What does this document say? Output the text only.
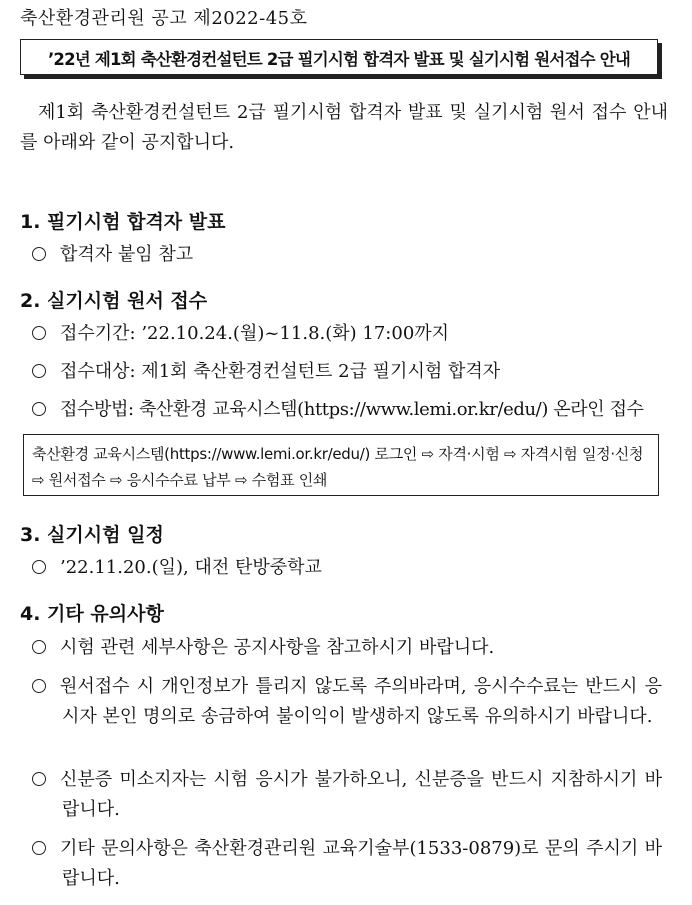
축산환경관리원 공고 제2022-45호
’22년 제1회 축산환경컨설턴트 2급 필기시험 합격자 발표 및 실기시험 원서접수 안내
제1회 축산환경컨설턴트 2급 필기시험 합격자 발표 및 실기시험 원서 접수 안내를 아래와 같이 공지합니다.
1. 필기시험 합격자 발표
합격자 붙임 참고
2. 실기시험 원서 접수
접수기간: ’22.10.24.(월)~11.8.(화) 17:00까지
접수대상: 제1회 축산환경컨설턴트 2급 필기시험 합격자
접수방법: 축산환경 교육시스템(https://www.lemi.or.kr/edu/) 온라인 접수
축산환경 교육시스템(https://www.lemi.or.kr/edu/) 로그인 ⇨ 자격·시험 ⇨ 자격시험 일정·신청 ⇨ 원서접수 ⇨ 응시수수료 납부 ⇨ 수험표 인쇄
3. 실기시험 일정
’22.11.20.(일), 대전 탄방중학교
4. 기타 유의사항
시험 관련 세부사항은 공지사항을 참고하시기 바랍니다.
원서접수 시 개인정보가 틀리지 않도록 주의바라며, 응시수수료는 반드시 응시자 본인 명의로 송금하여 불이익이 발생하지 않도록 유의하시기 바랍니다.
신분증 미소지자는 시험 응시가 불가하오니, 신분증을 반드시 지참하시기 바랍니다.
기타 문의사항은 축산환경관리원 교육기술부(1533-0879)로 문의 주시기 바랍니다.
